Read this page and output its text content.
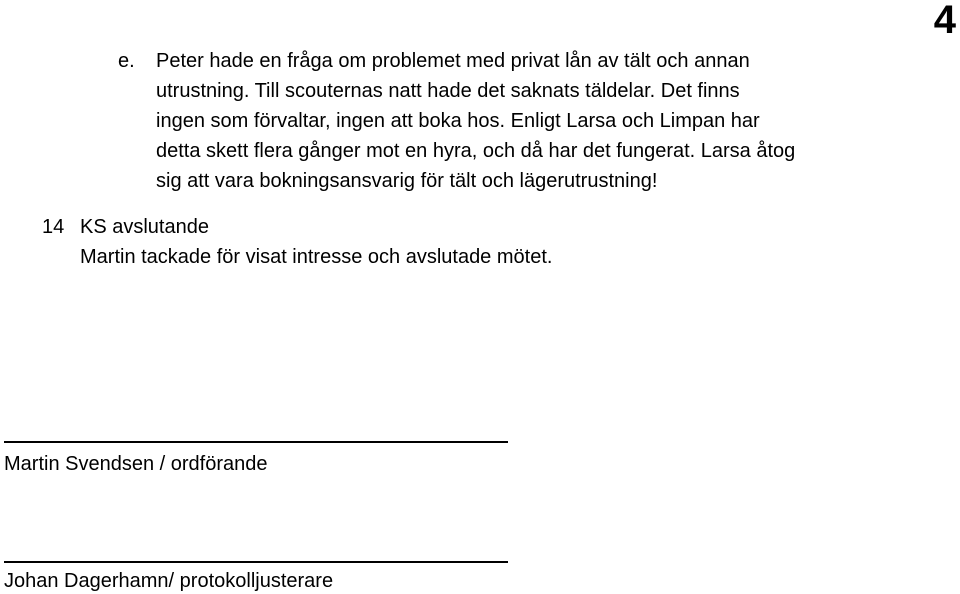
4
e. Peter hade en fråga om problemet med privat lån av tält och annan
utrustning. Till scouternas natt hade det saknats täldelar. Det finns
ingen som förvaltar, ingen att boka hos. Enligt Larsa och Limpan har
detta skett flera gånger mot en hyra, och då har det fungerat. Larsa åtog
sig att vara bokningsansvarig för tält och lägerutrustning!
14 KS avslutande
Martin tackade för visat intresse och avslutade mötet.
Martin Svendsen / ordförande
Johan Dagerhamn/ protokolljusterare
